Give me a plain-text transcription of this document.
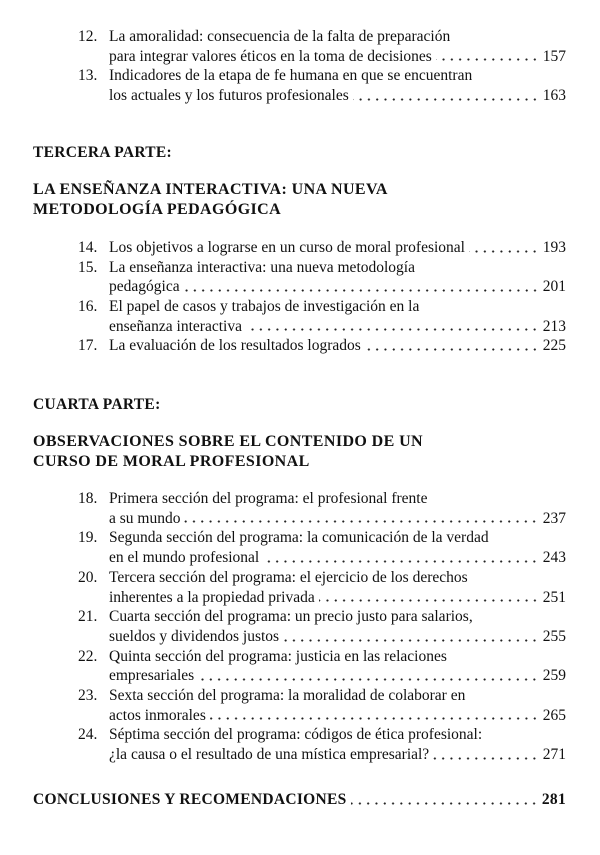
12. La amoralidad: consecuencia de la falta de preparación
para integrar valores éticos en la toma de decisiones	157
13. Indicadores de la etapa de fe humana en que se encuentran
los actuales y los futuros profesionales	163
TERCERA PARTE:
LA ENSEÑANZA INTERACTIVA: UNA NUEVA
METODOLOGÍA PEDAGÓGICA
14. Los objetivos a lograrse en un curso de moral profesional	193
15. La enseñanza interactiva: una nueva metodología
pedagógica	201
16. El papel de casos y trabajos de investigación en la
enseñanza interactiva	213
17. La evaluación de los resultados logrados	225
CUARTA PARTE:
OBSERVACIONES SOBRE EL CONTENIDO DE UN
CURSO DE MORAL PROFESIONAL
18. Primera sección del programa: el profesional frente
a su mundo	237
19. Segunda sección del programa: la comunicación de la verdad
en el mundo profesional	243
20. Tercera sección del programa: el ejercicio de los derechos
inherentes a la propiedad privada	251
21. Cuarta sección del programa: un precio justo para salarios,
sueldos y dividendos justos	255
22. Quinta sección del programa: justicia en las relaciones
empresariales	259
23. Sexta sección del programa: la moralidad de colaborar en
actos inmorales	265
24. Séptima sección del programa: códigos de ética profesional:
¿la causa o el resultado de una mística empresarial?	271
CONCLUSIONES Y RECOMENDACIONES	281
